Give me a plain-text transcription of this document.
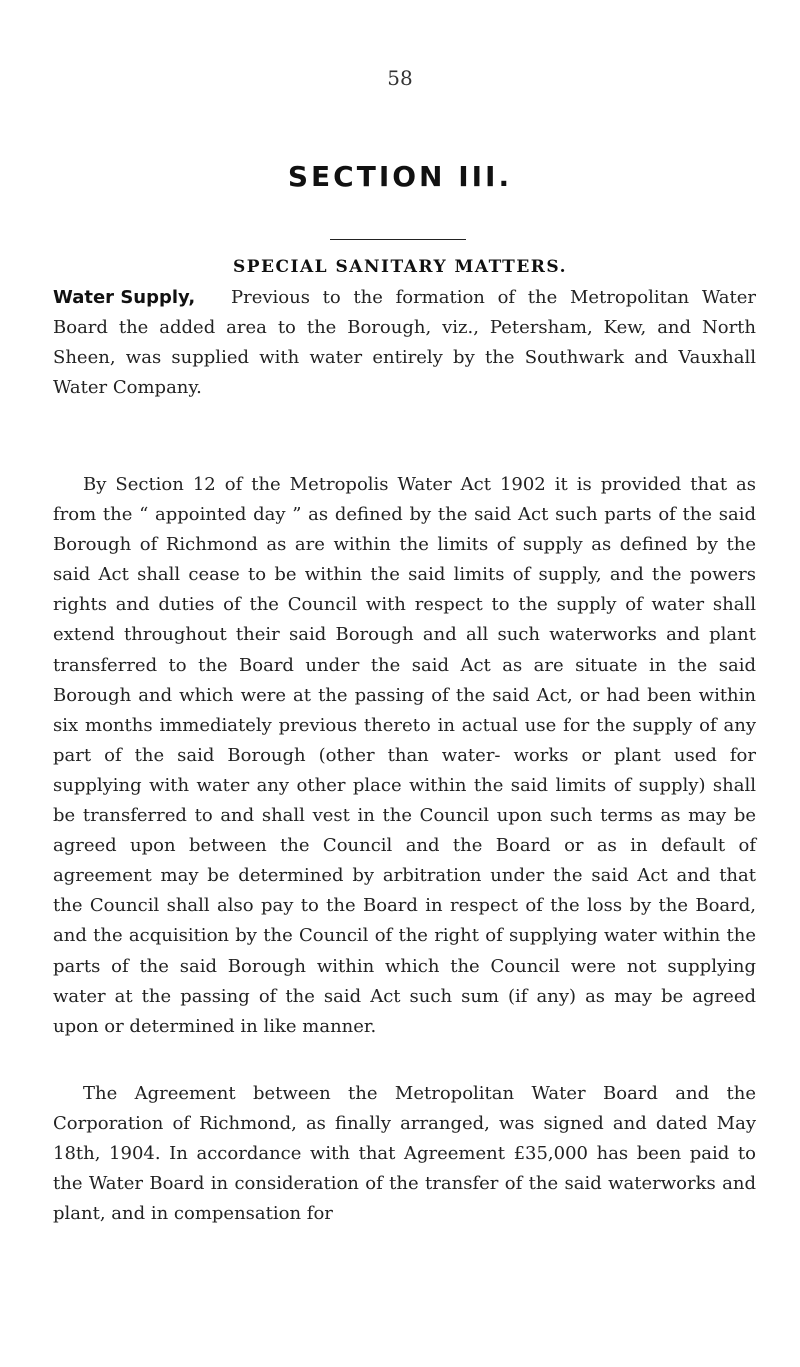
58
SECTION III.
SPECIAL SANITARY MATTERS.
Water Supply, Previous to the formation of the Metropolitan Water Board the added area to the Borough, viz., Petersham, Kew, and North Sheen, was supplied with water entirely by the Southwark and Vauxhall Water Company.
By Section 12 of the Metropolis Water Act 1902 it is provided that as from the “ appointed day ” as defined by the said Act such parts of the said Borough of Richmond as are within the limits of supply as defined by the said Act shall cease to be within the said limits of supply, and the powers rights and duties of the Council with respect to the supply of water shall extend throughout their said Borough and all such waterworks and plant transferred to the Board under the said Act as are situate in the said Borough and which were at the passing of the said Act, or had been within six months immediately previous thereto in actual use for the supply of any part of the said Borough (other than water- works or plant used for supplying with water any other place within the said limits of supply) shall be transferred to and shall vest in the Council upon such terms as may be agreed upon between the Council and the Board or as in default of agreement may be determined by arbitration under the said Act and that the Council shall also pay to the Board in respect of the loss by the Board, and the acquisition by the Council of the right of supplying water within the parts of the said Borough within which the Council were not supplying water at the passing of the said Act such sum (if any) as may be agreed upon or determined in like manner.
The Agreement between the Metropolitan Water Board and the Corporation of Richmond, as finally arranged, was signed and dated May 18th, 1904. In accordance with that Agreement £35,000 has been paid to the Water Board in consideration of the transfer of the said waterworks and plant, and in compensation for
